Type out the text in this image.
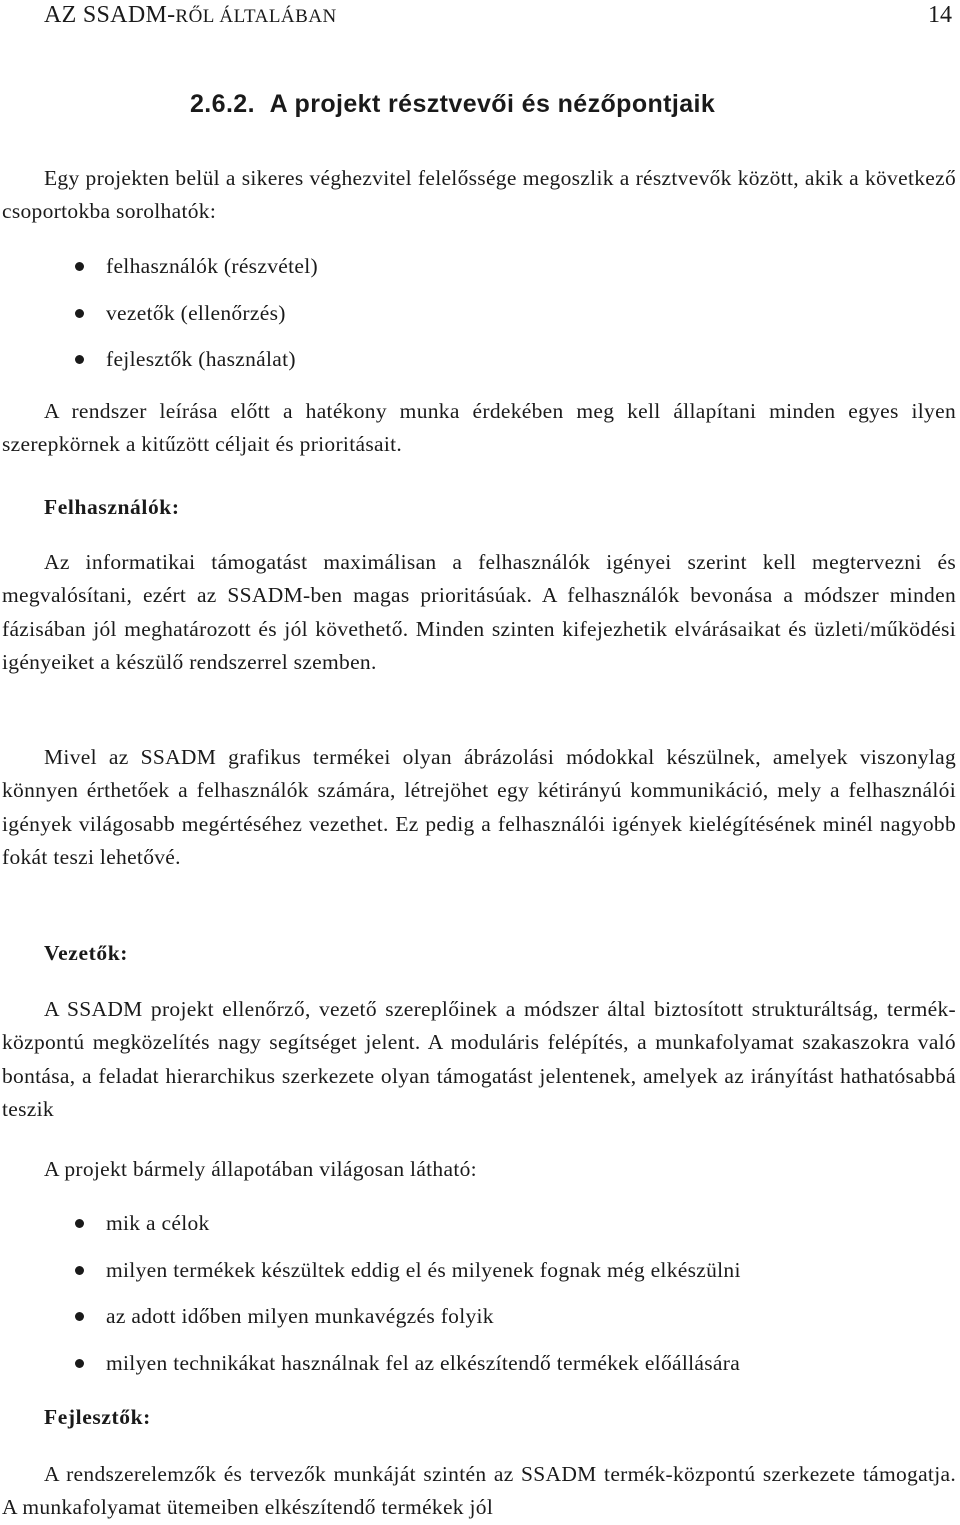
AZ SSADM-RŐL ÁLTALÁBAN	14
2.6.2. A projekt résztvevői és nézőpontjaik

Egy projekten belül a sikeres véghezvitel felelőssége megoszlik a résztvevők között, akik a következő csoportokba sorolhatók:

felhasználók (részvétel)
vezetők (ellenőrzés)
fejlesztők (használat)

A rendszer leírása előtt a hatékony munka érdekében meg kell állapítani minden egyes ilyen szerepkörnek a kitűzött céljait és prioritásait.

Felhasználók:

Az informatikai támogatást maximálisan a felhasználók igényei szerint kell megtervezni és megvalósítani, ezért az SSADM-ben magas prioritásúak. A felhasználók bevonása a módszer minden fázisában jól meghatározott és jól követhető. Minden szinten kifejezhetik elvárásaikat és üzleti/működési igényeiket a készülő rendszerrel szemben.

Mivel az SSADM grafikus termékei olyan ábrázolási módokkal készülnek, amelyek viszonylag könnyen érthetőek a felhasználók számára, létrejöhet egy kétirányú kommunikáció, mely a felhasználói igények világosabb megértéséhez vezethet. Ez pedig a felhasználói igények kielégítésének minél nagyobb fokát teszi lehetővé.

Vezetők:

A SSADM projekt ellenőrző, vezető szereplőinek a módszer által biztosított strukturáltság, termék-központú megközelítés nagy segítséget jelent. A moduláris felépítés, a munkafolyamat szakaszokra való bontása, a feladat hierarchikus szerkezete olyan támogatást jelentenek, amelyek az irányítást hathatósabbá teszik

A projekt bármely állapotában világosan látható:

mik a célok
milyen termékek készültek eddig el és milyenek fognak még elkészülni
az adott időben milyen munkavégzés folyik
milyen technikákat használnak fel az elkészítendő termékek előállására
Fejlesztők:

A rendszerelemzők és tervezők munkáját szintén az SSADM termék-központú szerkezete támogatja. A munkafolyamat ütemeiben elkészítendő termékek jól
